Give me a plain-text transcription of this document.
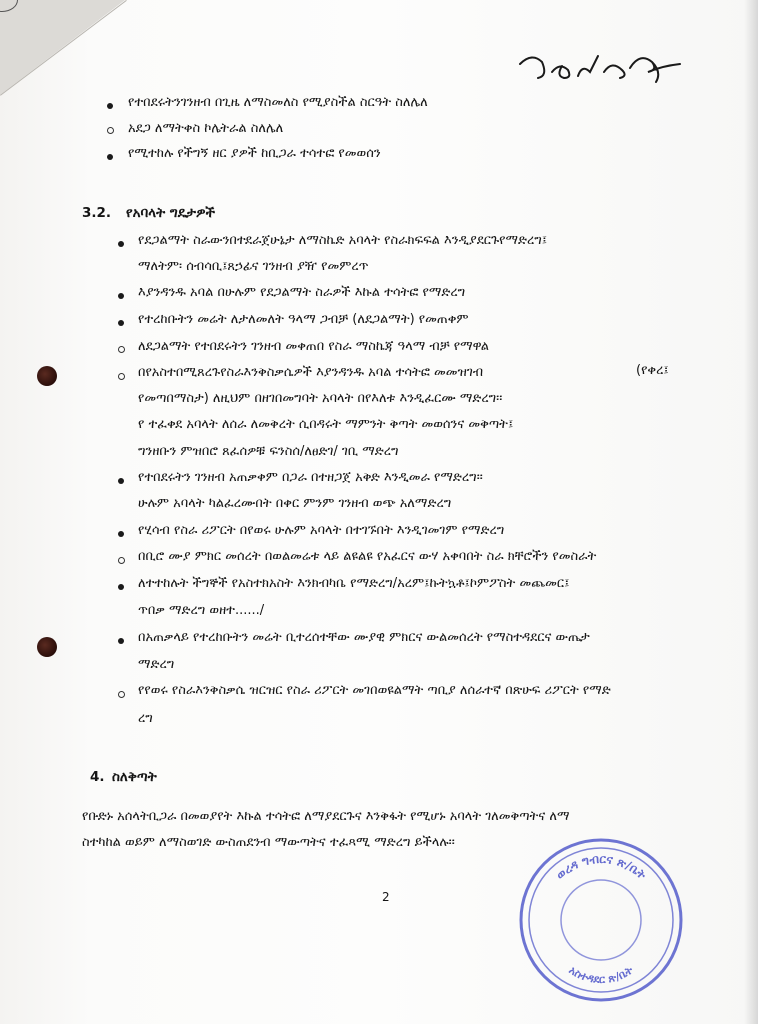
የተበደሩትንገንዘብ በጊዜ ለማስመለስ የሚያስችል ስርዓት ስለሌለ
አደጋ ለማትቀስ ኮሌትራል ስለሌለ
የሚተከሉ የችግኝ ዘር ያዎች ከቢጋራ ተሳተፎ የመወሰን
3.2. የአባላት ግዴታዎች
የደጋልማት ስራውንበተደራጀሁኔታ ለማስኬድ አባላት የስራክፍፍል እንዲያደርጉየማድረግ፤
ማለትም፡ ሰብሳቢ፤ጸኃፊና ገንዘብ ያዥ የመምረጥ
እያንዳንዱ አባል በሁሉም የደጋልማት ስራዎች እኩል ተሳትፎ የማድረግ
የተረከቡትን መሬት ለታለመለት ዓላማ ጋብቻ (ለደጋልማት) የመጠቀም
ለደጋልማት የተበደሩትን ገንዘብ መቀጠበ የስራ ማስኬጃ ዓላማ ብቻ የማዋል
በየአስተበሚጸረጉየስራእንቅስቃሴዎች እያንዳንዱ አባል ተሳትፎ መመዝገብ	(የቀረ፤
የመጣበማስታ) ለዚህም በዘገበመግባት አባላት በየእለቱ እንዲፈርሙ ማድረግ፡፡
የ ተፈቀደ አባላት ለሰራ ለመቅረት ሲበዳሩት ማምንት ቅጣት መወሰንና መቅጣት፤
ግንዘቡን ምዝበሮ ጸፈሰዎቹ ፍንስሰ/ለፀድገ/ ገቢ ማድረግ
የተበደሩትን ገንዘብ አጠቃቀም በጋራ በተዘጋጀ አቅድ እንዲመራ የማድረግ፡፡
ሁሉም አባላት ካልፈረሙበት በቀር ምንም ገንዘብ ወጭ አለማድረግ
የሂሳብ የስራ ሪፖርት በየወሩ ሁሉም አባላት በተገኙበት እንዲገመገም የማድረግ
በቢሮ ሙያ ምክር መሰረት በወልመሬቱ ላይ ልዩልዩ የአፈርና ውሃ አቀባበት ስራ ክቸሮችን የመስራት
ለተተከሉት ችግኞች የአስተክአስት እንክብካቤ የማድረግ/አረም፤ኩትኳቶ፤ኮምፖስት መጨመር፤
ጥበቃ ማድረግ ወዘተ....../
በአጠቃላይ የተረከቡትን መሬት ቢተረሰተቸው ሙያዊ ምክርና ውልመሰረት የማስተዳደርና ውጤታ
ማድረግ
የየወሩ የስራእንቅስቃሴ ዝርዝር የስራ ሪፖርት መገበወዩልማት ጣቢያ ለሰራተኛ በጽሁፍ ሪፖርት የማድ
ረግ
4. ስለቅጣት
የቡድኑ አሰላትቢጋራ በመወያየት እኩል ተሳትፎ ለማያደርጉና እንቅፋት የሚሆኑ አባላት ገለመቅጣትና ለማ
ስተካከል ወይም ለማስወገድ ውስጠደንብ ማውጣትና ተፈጻሚ ማድረግ ይችላሉ፡፡
2
ወረዳ ግብርና ጽ/ቤት
አስተዳደር ጽ/ቤት
